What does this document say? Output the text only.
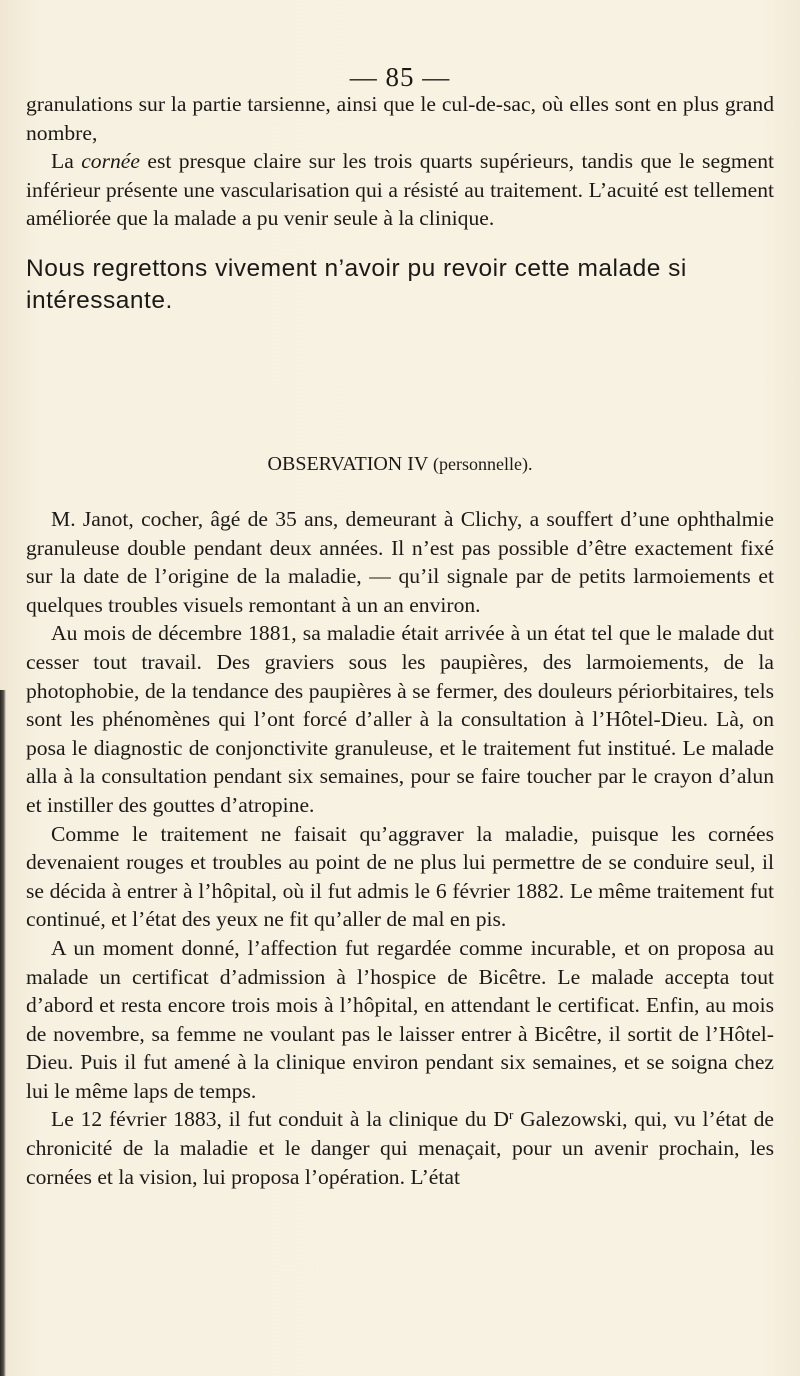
— 85 —

granulations sur la partie tarsienne, ainsi que le cul-de-sac, où elles sont en plus grand nombre,

La cornée est presque claire sur les trois quarts supérieurs, tandis que le segment inférieur présente une vascularisation qui a résisté au traitement. L’acuité est tellement améliorée que la malade a pu venir seule à la clinique.

Nous regrettons vivement n’avoir pu revoir cette malade si intéressante.

OBSERVATION IV (personnelle).

M. Janot, cocher, âgé de 35 ans, demeurant à Clichy, a souffert d’une ophthalmie granuleuse double pendant deux années. Il n’est pas possible d’être exactement fixé sur la date de l’origine de la maladie, — qu’il signale par de petits larmoiements et quelques troubles visuels remontant à un an environ.

Au mois de décembre 1881, sa maladie était arrivée à un état tel que le malade dut cesser tout travail. Des graviers sous les paupières, des larmoiements, de la photophobie, de la tendance des paupières à se fermer, des douleurs périorbitaires, tels sont les phénomènes qui l’ont forcé d’aller à la consultation à l’Hôtel-Dieu. Là, on posa le diagnostic de conjonctivite granuleuse, et le traitement fut institué. Le malade alla à la consultation pendant six semaines, pour se faire toucher par le crayon d’alun et instiller des gouttes d’atropine.

Comme le traitement ne faisait qu’aggraver la maladie, puisque les cornées devenaient rouges et troubles au point de ne plus lui permettre de se conduire seul, il se décida à entrer à l’hôpital, où il fut admis le 6 février 1882. Le même traitement fut continué, et l’état des yeux ne fit qu’aller de mal en pis.

A un moment donné, l’affection fut regardée comme incurable, et on proposa au malade un certificat d’admission à l’hospice de Bicêtre. Le malade accepta tout d’abord et resta encore trois mois à l’hôpital, en attendant le certificat. Enfin, au mois de novembre, sa femme ne voulant pas le laisser entrer à Bicêtre, il sortit de l’Hôtel-Dieu. Puis il fut amené à la clinique environ pendant six semaines, et se soigna chez lui le même laps de temps.

Le 12 février 1883, il fut conduit à la clinique du $D^r$ Galezowski, qui, vu l’état de chronicité de la maladie et le danger qui menaçait, pour un avenir prochain, les cornées et la vision, lui proposa l’opération. L’état
